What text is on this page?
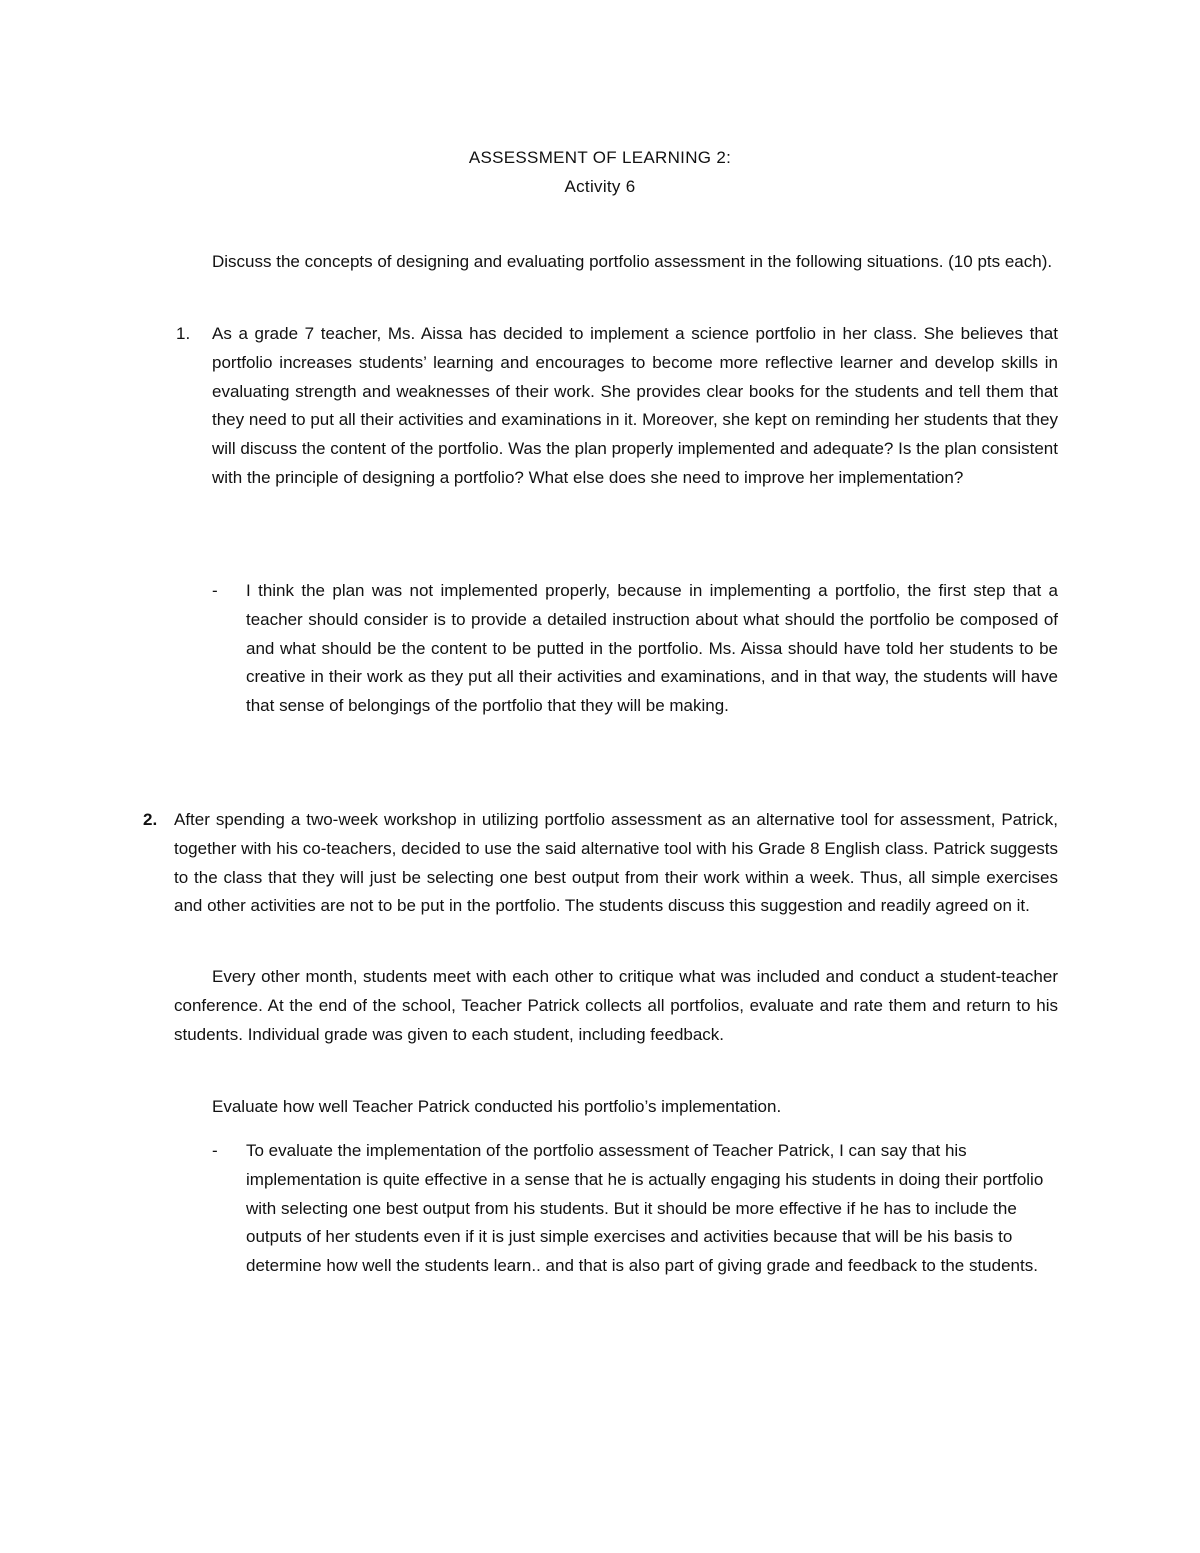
ASSESSMENT OF LEARNING 2:
Activity 6

Discuss the concepts of designing and evaluating portfolio assessment in the following situations. (10 pts each).

1. As a grade 7 teacher, Ms. Aissa has decided to implement a science portfolio in her class. She believes that portfolio increases students’ learning and encourages to become more reflective learner and develop skills in evaluating strength and weaknesses of their work. She provides clear books for the students and tell them that they need to put all their activities and examinations in it. Moreover, she kept on reminding her students that they will discuss the content of the portfolio. Was the plan properly implemented and adequate? Is the plan consistent with the principle of designing a portfolio? What else does she need to improve her implementation?

- I think the plan was not implemented properly, because in implementing a portfolio, the first step that a teacher should consider is to provide a detailed instruction about what should the portfolio be composed of and what should be the content to be putted in the portfolio. Ms. Aissa should have told her students to be creative in their work as they put all their activities and examinations, and in that way, the students will have that sense of belongings of the portfolio that they will be making.

2. After spending a two-week workshop in utilizing portfolio assessment as an alternative tool for assessment, Patrick, together with his co-teachers, decided to use the said alternative tool with his Grade 8 English class. Patrick suggests to the class that they will just be selecting one best output from their work within a week. Thus, all simple exercises and other activities are not to be put in the portfolio. The students discuss this suggestion and readily agreed on it.

Every other month, students meet with each other to critique what was included and conduct a student-teacher conference. At the end of the school, Teacher Patrick collects all portfolios, evaluate and rate them and return to his students. Individual grade was given to each student, including feedback.

Evaluate how well Teacher Patrick conducted his portfolio’s implementation.

- To evaluate the implementation of the portfolio assessment of Teacher Patrick, I can say that his implementation is quite effective in a sense that he is actually engaging his students in doing their portfolio with selecting one best output from his students. But it should be more effective if he has to include the outputs of her students even if it is just simple exercises and activities because that will be his basis to determine how well the students learn.. and that is also part of giving grade and feedback to the students.
